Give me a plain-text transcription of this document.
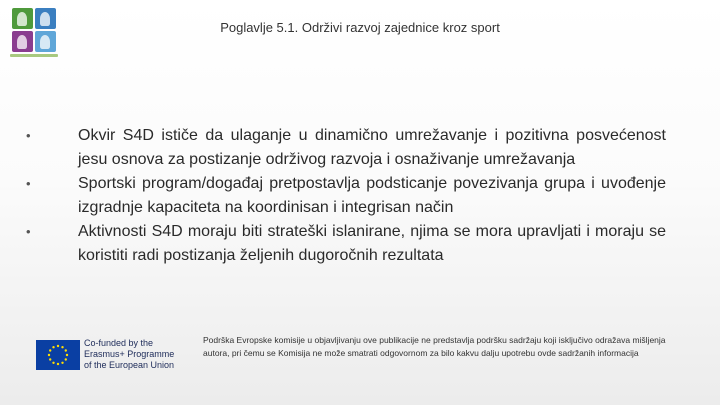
Poglavlje 5.1. Održivi razvoj zajednice kroz sport
•	Okvir S4D ističe da ulaganje u dinamično umrežavanje i pozitivna posvećenost jesu osnova za postizanje održivog razvoja i osnaživanje umrežavanja
•	Sportski program/događaj pretpostavlja podsticanje povezivanja grupa i uvođenje izgradnje kapaciteta na koordinisan i integrisan način
•	Aktivnosti S4D moraju biti strateški islanirane, njima se mora upravljati i moraju se koristiti radi postizanja željenih dugoročnih rezultata
Co-funded by the
Erasmus+ Programme
of the European Union
Podrška Evropske komisije u objavljivanju ove publikacije ne predstavlja podršku sadržaju koji isključivo odražava mišljenja autora, pri čemu se Komisija ne može smatrati odgovornom za bilo kakvu dalju upotrebu ovde sadržanih informacija
